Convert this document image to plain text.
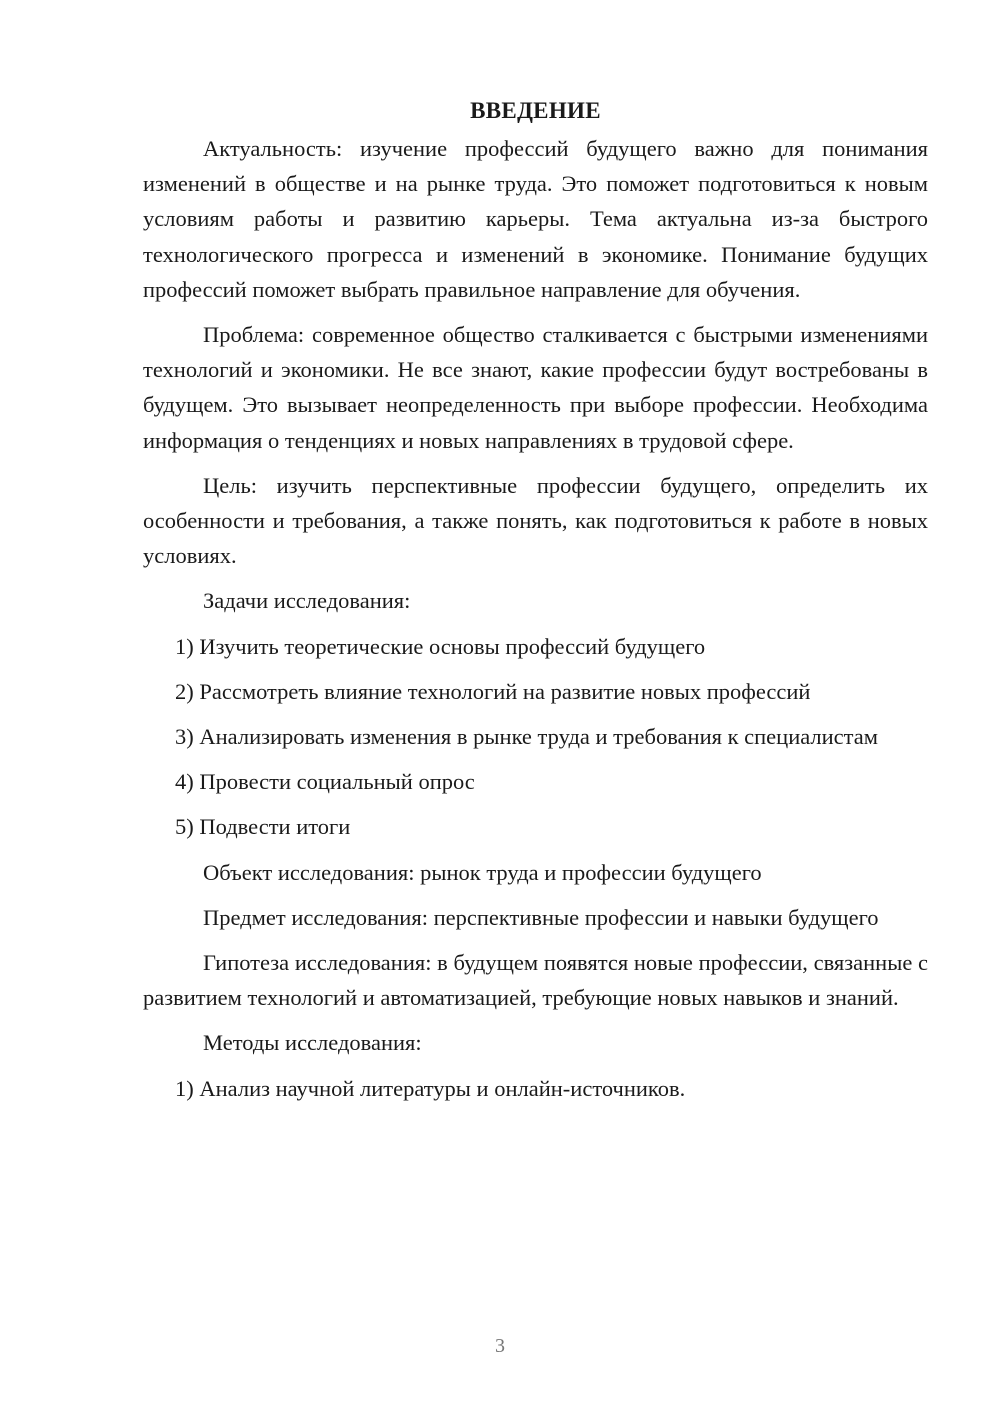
ВВЕДЕНИЕ

Актуальность: изучение профессий будущего важно для понимания изменений в обществе и на рынке труда. Это поможет подготовиться к новым условиям работы и развитию карьеры. Тема актуальна из-за быстрого технологического прогресса и изменений в экономике. Понимание будущих профессий поможет выбрать правильное направление для обучения.

Проблема: современное общество сталкивается с быстрыми изменениями технологий и экономики. Не все знают, какие профессии будут востребованы в будущем. Это вызывает неопределенность при выборе профессии. Необходима информация о тенденциях и новых направлениях в трудовой сфере.

Цель: изучить перспективные профессии будущего, определить их особенности и требования, а также понять, как подготовиться к работе в новых условиях.

Задачи исследования:

1) Изучить теоретические основы профессий будущего

2) Рассмотреть влияние технологий на развитие новых профессий

3) Анализировать изменения в рынке труда и требования к специалистам

4) Провести социальный опрос

5) Подвести итоги

Объект исследования: рынок труда и профессии будущего

Предмет исследования: перспективные профессии и навыки будущего

Гипотеза исследования: в будущем появятся новые профессии, связанные с развитием технологий и автоматизацией, требующие новых навыков и знаний.

Методы исследования:

1) Анализ научной литературы и онлайн-источников.

3
